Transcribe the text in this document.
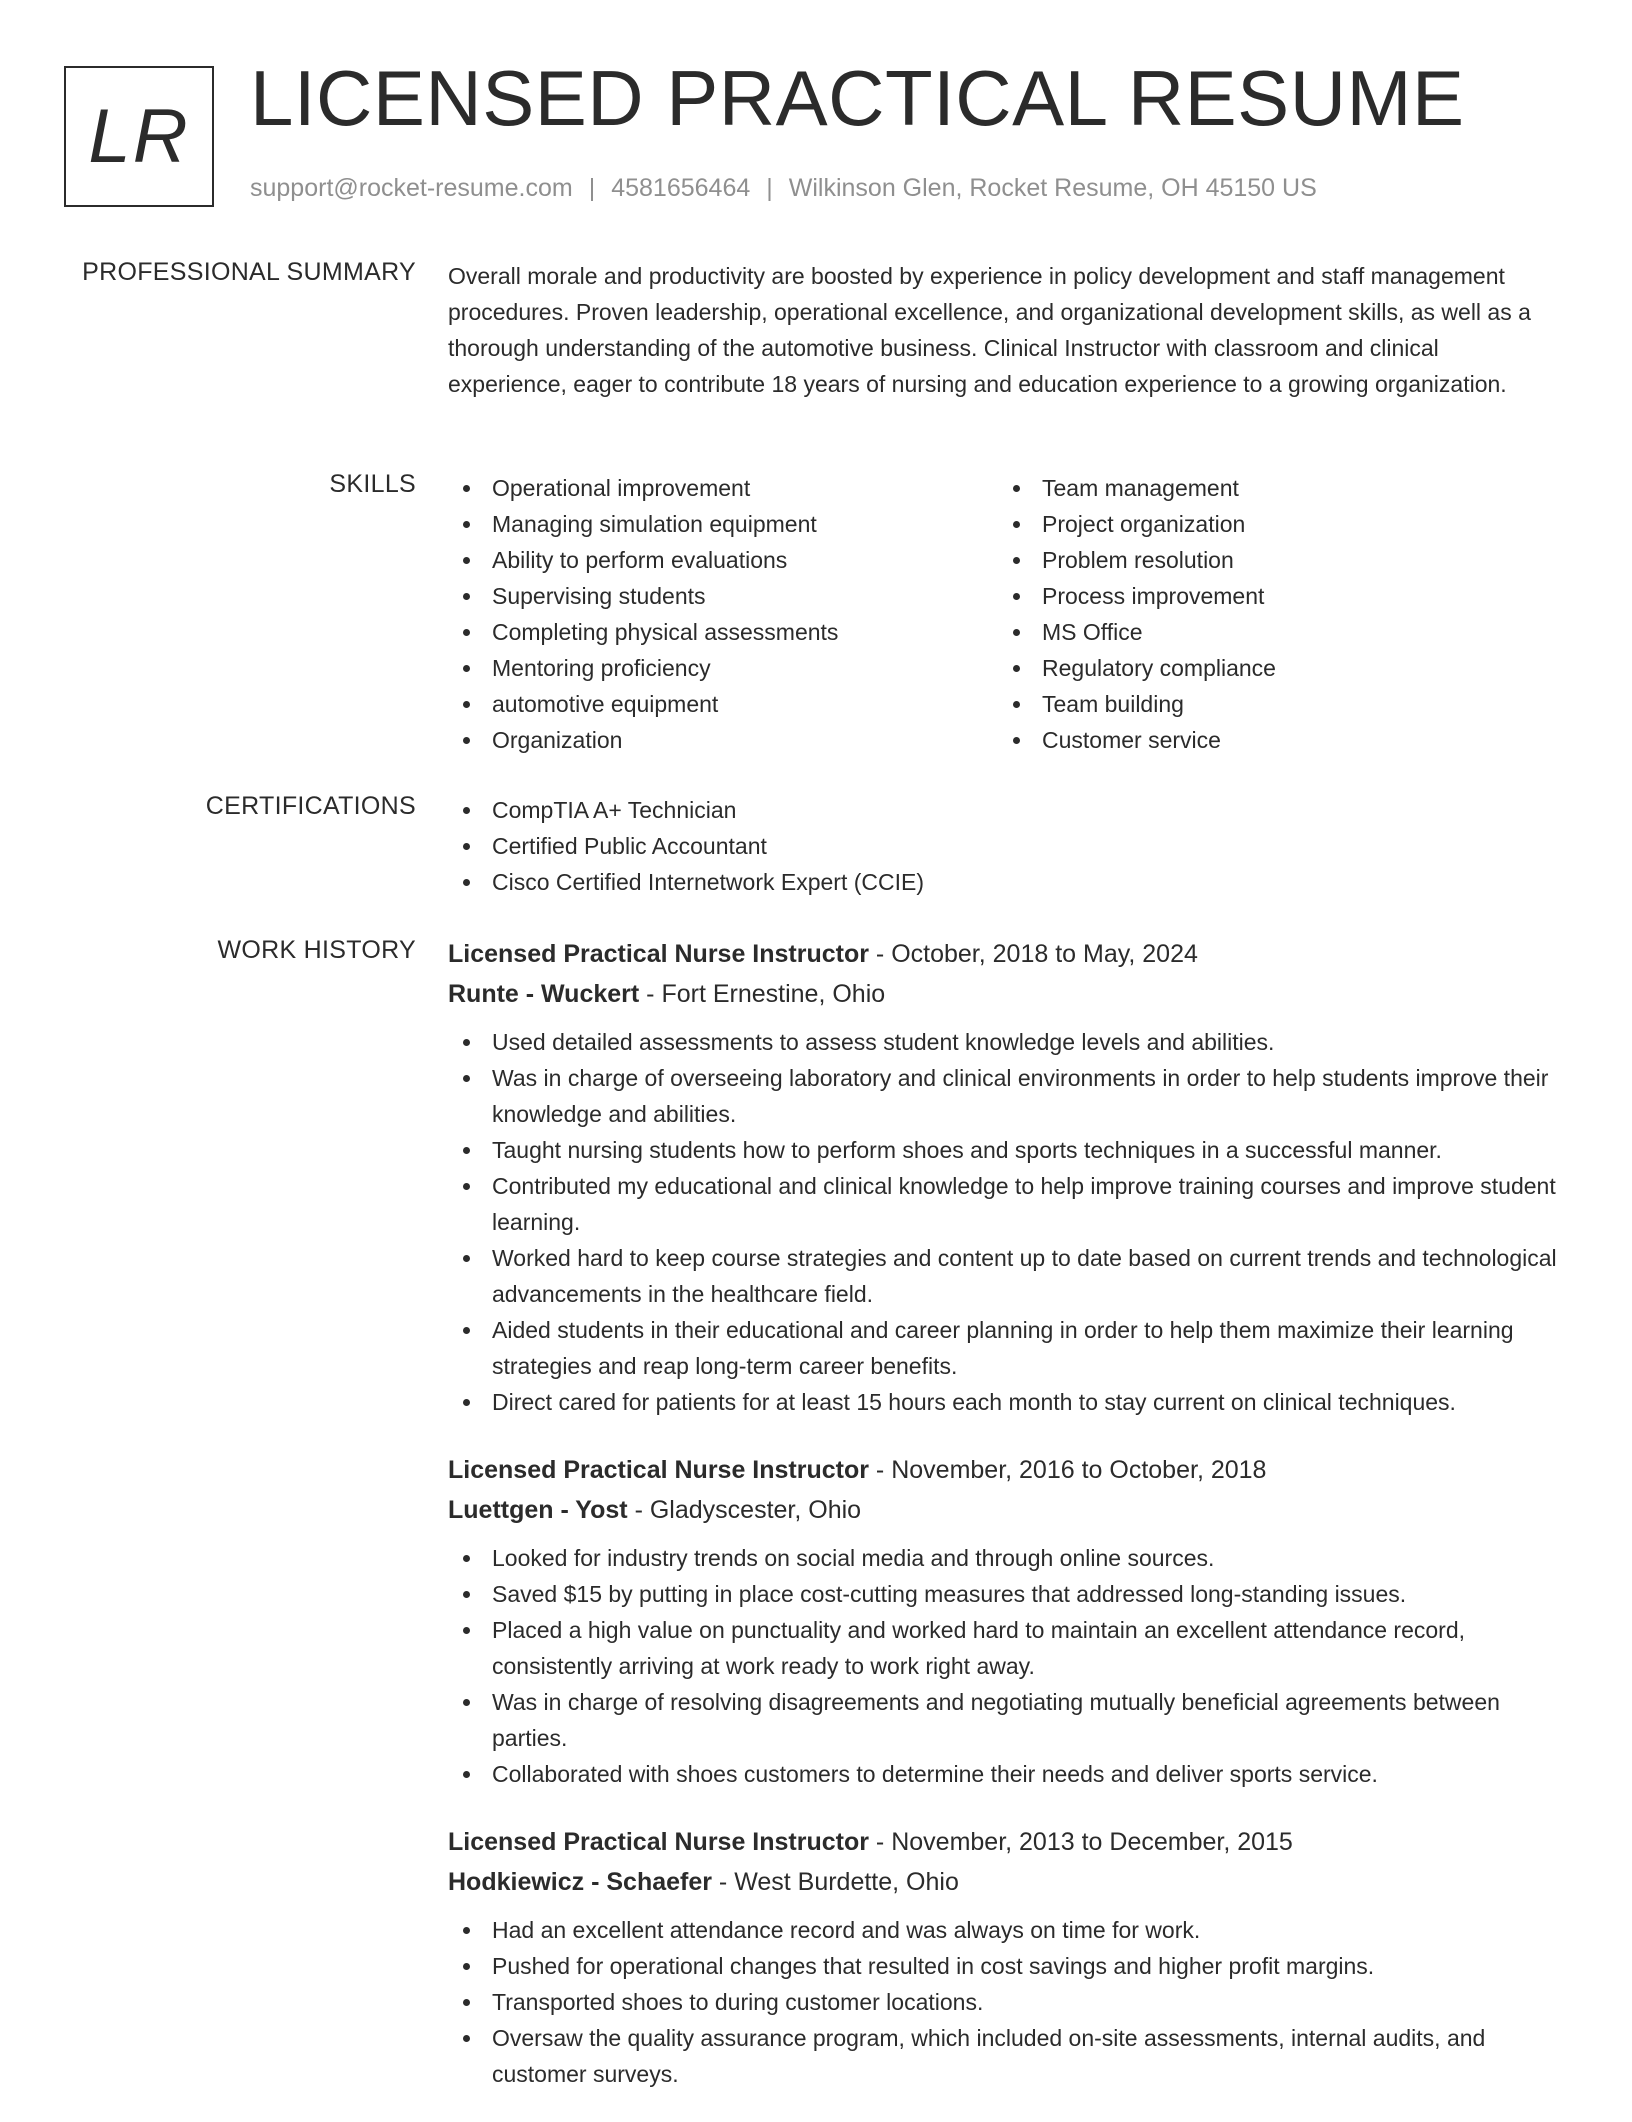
LR LICENSED PRACTICAL RESUME
support@rocket-resume.com | 4581656464 | Wilkinson Glen, Rocket Resume, OH 45150 US
PROFESSIONAL SUMMARY Overall morale and productivity are boosted by experience in policy development and staff management procedures. Proven leadership, operational excellence, and organizational development skills, as well as a thorough understanding of the automotive business. Clinical Instructor with classroom and clinical experience, eager to contribute 18 years of nursing and education experience to a growing organization.

SKILLS	Operational improvement
Managing simulation equipment
Ability to perform evaluations
Supervising students
Completing physical assessments
Mentoring proficiency
automotive equipment
Organization
Team management
Project organization
Problem resolution
Process improvement
MS Office
Regulatory compliance
Team building
Customer service
CERTIFICATIONS	CompTIA A+ Technician
Certified Public Accountant
Cisco Certified Internetwork Expert (CCIE)
WORK HISTORY Licensed Practical Nurse Instructor - October, 2018 to May, 2024
Runte - Wuckert - Fort Ernestine, Ohio
Used detailed assessments to assess student knowledge levels and abilities.
Was in charge of overseeing laboratory and clinical environments in order to help students improve their knowledge and abilities.
Taught nursing students how to perform shoes and sports techniques in a successful manner.
Contributed my educational and clinical knowledge to help improve training courses and improve student learning.
Worked hard to keep course strategies and content up to date based on current trends and technological advancements in the healthcare field.
Aided students in their educational and career planning in order to help them maximize their learning strategies and reap long-term career benefits.
Direct cared for patients for at least 15 hours each month to stay current on clinical techniques.
Licensed Practical Nurse Instructor - November, 2016 to October, 2018
Luettgen - Yost - Gladyscester, Ohio
Looked for industry trends on social media and through online sources.
Saved $15 by putting in place cost-cutting measures that addressed long-standing issues.
Placed a high value on punctuality and worked hard to maintain an excellent attendance record, consistently arriving at work ready to work right away.
Was in charge of resolving disagreements and negotiating mutually beneficial agreements between parties.
Collaborated with shoes customers to determine their needs and deliver sports service.
Licensed Practical Nurse Instructor - November, 2013 to December, 2015
Hodkiewicz - Schaefer - West Burdette, Ohio
Had an excellent attendance record and was always on time for work.
Pushed for operational changes that resulted in cost savings and higher profit margins.
Transported shoes to during customer locations.
Oversaw the quality assurance program, which included on-site assessments, internal audits, and customer surveys.
